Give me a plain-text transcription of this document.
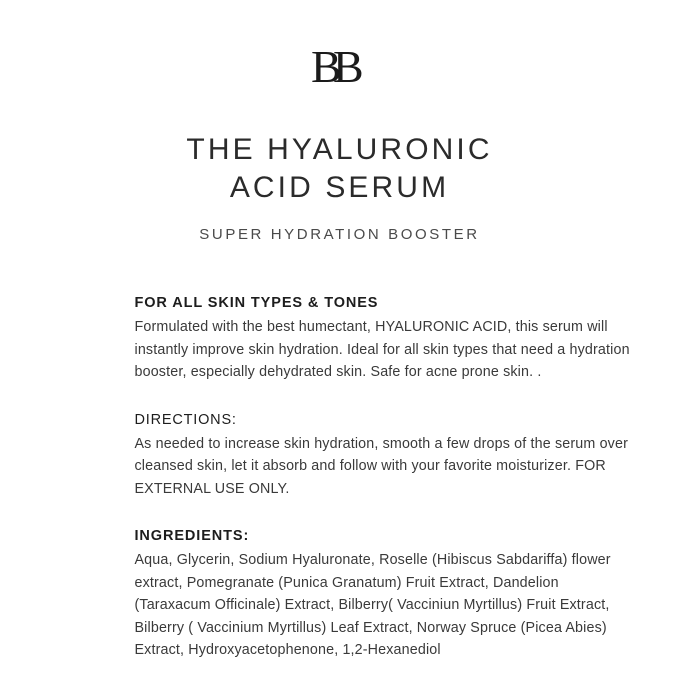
B
B
THE HYALURONIC
ACID SERUM
SUPER HYDRATION BOOSTER
FOR ALL SKIN TYPES & TONES
Formulated with the best humectant, HYALURONIC ACID, this serum will instantly improve skin hydration. Ideal for all skin types that need a hydration booster, especially dehydrated skin. Safe for acne prone skin. .
DIRECTIONS:
As needed to increase skin hydration, smooth a few drops of the serum over cleansed skin, let it absorb and follow with your favorite moisturizer. FOR EXTERNAL USE ONLY.
INGREDIENTS:
Aqua, Glycerin, Sodium Hyaluronate, Roselle (Hibiscus Sabdariffa) flower extract, Pomegranate (Punica Granatum) Fruit Extract, Dandelion (Taraxacum Officinale) Extract, Bilberry( Vacciniun Myrtillus) Fruit Extract, Bilberry ( Vaccinium Myrtillus) Leaf Extract, Norway Spruce (Picea Abies) Extract, Hydroxyacetophenone, 1,2-Hexanediol
